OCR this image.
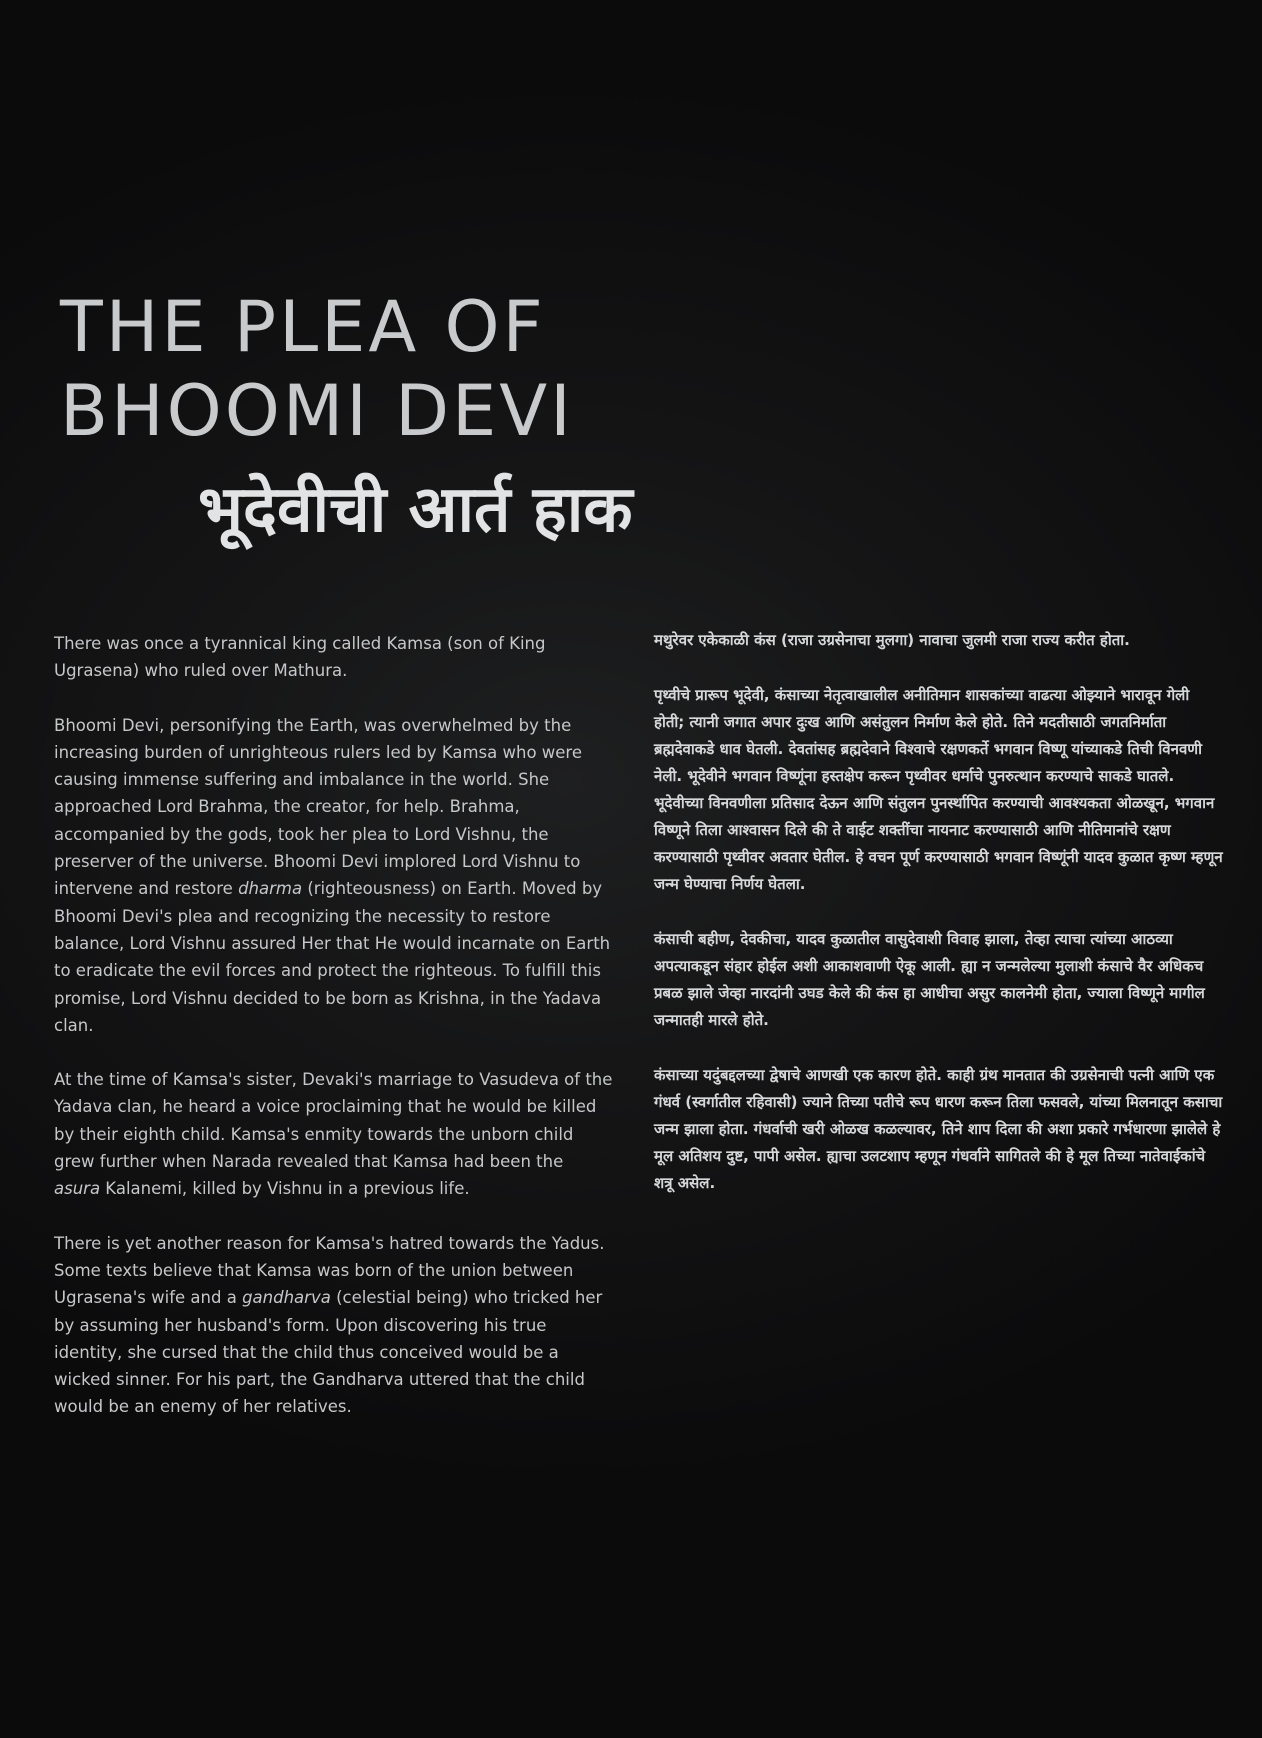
THE PLEA OF
BHOOMI DEVI
भूदेवीची आर्त हाक

There was once a tyrannical king called Kamsa (son of King Ugrasena) who ruled over Mathura.

Bhoomi Devi, personifying the Earth, was overwhelmed by the increasing burden of unrighteous rulers led by Kamsa who were causing immense suffering and imbalance in the world. She approached Lord Brahma, the creator, for help. Brahma, accompanied by the gods, took her plea to Lord Vishnu, the preserver of the universe. Bhoomi Devi implored Lord Vishnu to intervene and restore dharma (righteousness) on Earth. Moved by Bhoomi Devi's plea and recognizing the necessity to restore balance, Lord Vishnu assured Her that He would incarnate on Earth to eradicate the evil forces and protect the righteous. To fulfill this promise, Lord Vishnu decided to be born as Krishna, in the Yadava clan.

At the time of Kamsa's sister, Devaki's marriage to Vasudeva of the Yadava clan, he heard a voice proclaiming that he would be killed by their eighth child. Kamsa's enmity towards the unborn child grew further when Narada revealed that Kamsa had been the asura Kalanemi, killed by Vishnu in a previous life.

There is yet another reason for Kamsa's hatred towards the Yadus. Some texts believe that Kamsa was born of the union between Ugrasena's wife and a gandharva (celestial being) who tricked her by assuming her husband's form. Upon discovering his true identity, she cursed that the child thus conceived would be a wicked sinner. For his part, the Gandharva uttered that the child would be an enemy of her relatives.

मथुरेवर एकेकाळी कंस (राजा उग्रसेनाचा मुलगा) नावाचा जुलमी राजा राज्य करीत होता.

पृथ्वीचे प्रारूप भूदेवी, कंसाच्या नेतृत्वाखालील अनीतिमान शासकांच्या वाढत्या ओझ्याने भारावून गेली होती; त्यानी जगात अपार दुःख आणि असंतुलन निर्माण केले होते. तिने मदतीसाठी जगतनिर्माता ब्रह्मदेवाकडे धाव घेतली. देवतांसह ब्रह्मदेवाने विश्वाचे रक्षणकर्ते भगवान विष्णू यांच्याकडे तिची विनवणी नेली. भूदेवीने भगवान विष्णूंना हस्तक्षेप करून पृथ्वीवर धर्माचे पुनरुत्थान करण्याचे साकडे घातले. भूदेवीच्या विनवणीला प्रतिसाद देऊन आणि संतुलन पुनर्स्थापित करण्याची आवश्यकता ओळखून, भगवान विष्णूने तिला आश्वासन दिले की ते वाईट शक्तींचा नायनाट करण्यासाठी आणि नीतिमानांचे रक्षण करण्यासाठी पृथ्वीवर अवतार घेतील. हे वचन पूर्ण करण्यासाठी भगवान विष्णूंनी यादव कुळात कृष्ण म्हणून जन्म घेण्याचा निर्णय घेतला.

कंसाची बहीण, देवकीचा, यादव कुळातील वासुदेवाशी विवाह झाला, तेव्हा त्याचा त्यांच्या आठव्या अपत्याकडून संहार होईल अशी आकाशवाणी ऐकू आली. ह्या न जन्मलेल्या मुलाशी कंसाचे वैर अधिकच प्रबळ झाले जेव्हा नारदांनी उघड केले की कंस हा आधीचा असुर कालनेमी होता, ज्याला विष्णूने मागील जन्मातही मारले होते.

कंसाच्या यदुंबद्दलच्या द्वेषाचे आणखी एक कारण होते. काही ग्रंथ मानतात की उग्रसेनाची पत्नी आणि एक गंधर्व (स्वर्गातील रहिवासी) ज्याने तिच्या पतीचे रूप धारण करून तिला फसवले, यांच्या मिलनातून कसाचा जन्म झाला होता. गंधर्वाची खरी ओळख कळल्यावर, तिने शाप दिला की अशा प्रकारे गर्भधारणा झालेले हे मूल अतिशय दुष्ट, पापी असेल. ह्याचा उलटशाप म्हणून गंधर्वाने सागितले की हे मूल तिच्या नातेवाईकांचे शत्रू असेल.
